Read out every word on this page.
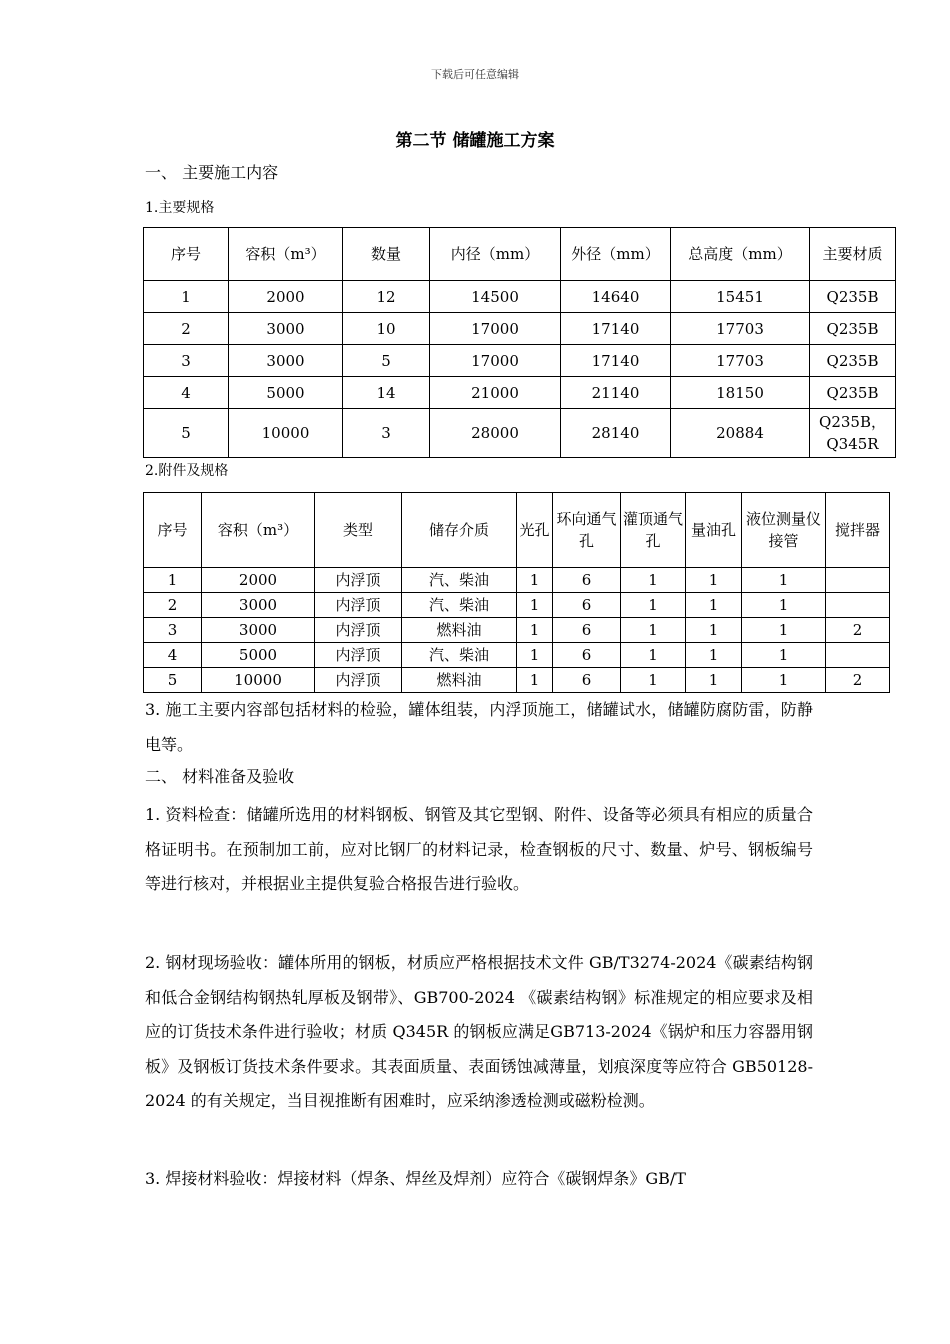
下载后可任意编辑
第二节 储罐施工方案
一、 主要施工内容
1.主要规格
序号	容积（m³）	数量	内径（mm）	外径（mm）	总高度（mm）	主要材质
1	2000	12	14500	14640	15451	Q235B
2	3000	10	17000	17140	17703	Q235B
3	3000	5	17000	17140	17703	Q235B
4	5000	14	21000	21140	18150	Q235B
5	10000	3	28000	28140	20884	Q235B，Q345R
2.附件及规格
序号	容积（m³）	类型	储存介质	光孔	环向通气孔	灌顶通气孔	量油孔	液位测量仪接管	搅拌器
1	2000	内浮顶	汽、柴油	1	6	1	1	1	
2	3000	内浮顶	汽、柴油	1	6	1	1	1	
3	3000	内浮顶	燃料油	1	6	1	1	1	2
4	5000	内浮顶	汽、柴油	1	6	1	1	1	
5	10000	内浮顶	燃料油	1	6	1	1	1	2
3. 施工主要内容部包括材料的检验，罐体组装，内浮顶施工，储罐试水，储罐防腐防雷，防静电等。
二、 材料准备及验收
1. 资料检查：储罐所选用的材料钢板、钢管及其它型钢、附件、设备等必须具有相应的质量合格证明书。在预制加工前，应对比钢厂的材料记录，检查钢板的尺寸、数量、炉号、钢板编号等进行核对，并根据业主提供复验合格报告进行验收。
2. 钢材现场验收：罐体所用的钢板，材质应严格根据技术文件 GB/T3274-2024《碳素结构钢和低合金钢结构钢热轧厚板及钢带》、GB700-2024 《碳素结构钢》标准规定的相应要求及相应的订货技术条件进行验收；材质 Q345R 的钢板应满足GB713-2024《锅炉和压力容器用钢板》及钢板订货技术条件要求。其表面质量、表面锈蚀减薄量，划痕深度等应符合 GB50128-2024 的有关规定，当目视推断有困难时，应采纳渗透检测或磁粉检测。
3. 焊接材料验收：焊接材料（焊条、焊丝及焊剂）应符合《碳钢焊条》GB/T
